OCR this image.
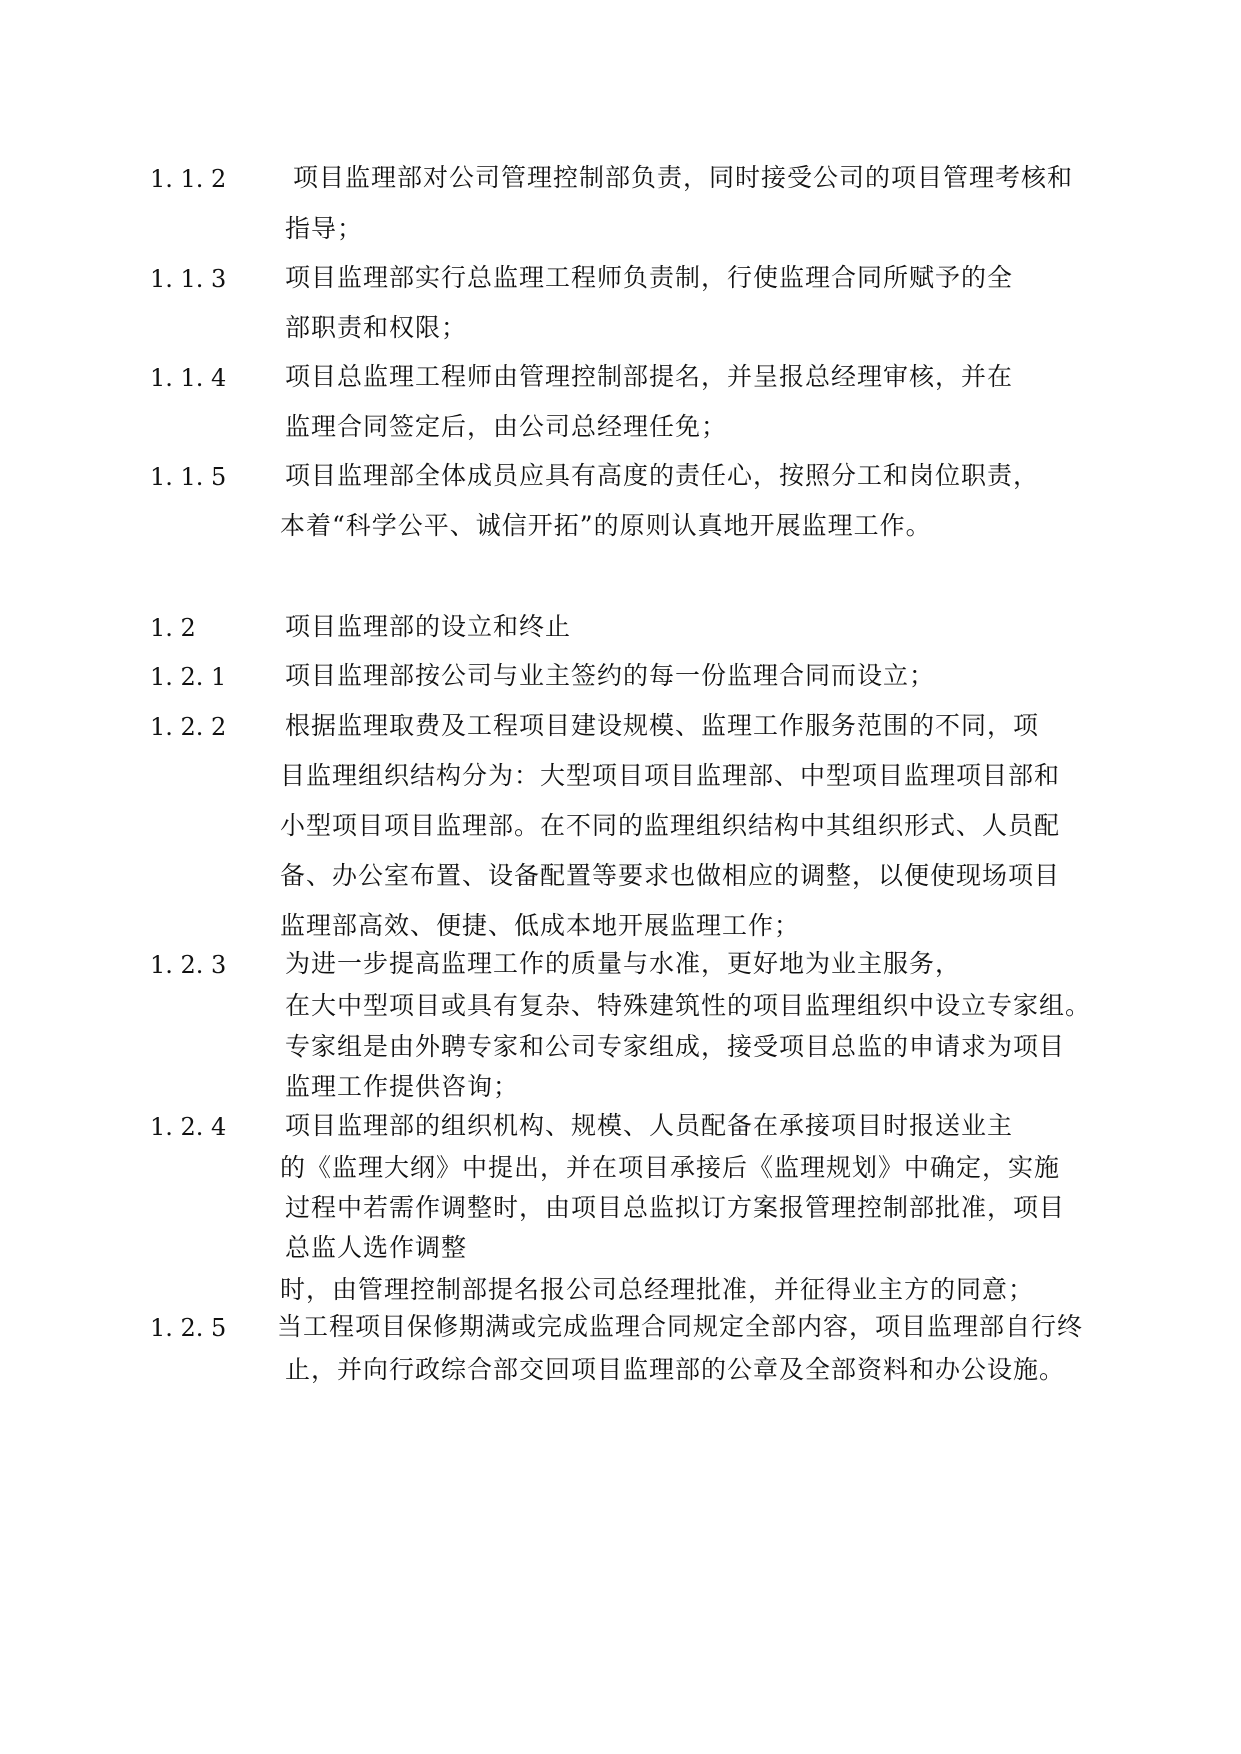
1. 1. 2	项目监理部对公司管理控制部负责，同时接受公司的项目管理考核和
指导；
1. 1. 3 项目监理部实行总监理工程师负责制，行使监理合同所赋予的全
部职责和权限；
1. 1. 4 项目总监理工程师由管理控制部提名，并呈报总经理审核，并在
监理合同签定后，由公司总经理任免；
1. 1. 5 项目监理部全体成员应具有高度的责任心，按照分工和岗位职责，
本着“科学公平、诚信开拓”的原则认真地开展监理工作。
1. 2	项目监理部的设立和终止
1. 2. 1 项目监理部按公司与业主签约的每一份监理合同而设立；
1. 2. 2 根据监理取费及工程项目建设规模、监理工作服务范围的不同，项
目监理组织结构分为：大型项目项目监理部、中型项目监理项目部和
小型项目项目监理部。在不同的监理组织结构中其组织形式、人员配
备、办公室布置、设备配置等要求也做相应的调整，以便使现场项目
监理部高效、便捷、低成本地开展监理工作；
1. 2. 3 为进一步提高监理工作的质量与水准，更好地为业主服务，
在大中型项目或具有复杂、特殊建筑性的项目监理组织中设立专家组。
专家组是由外聘专家和公司专家组成，接受项目总监的申请求为项目
监理工作提供咨询；
1. 2. 4 项目监理部的组织机构、规模、人员配备在承接项目时报送业主
的《监理大纲》中提出，并在项目承接后《监理规划》中确定，实施
过程中若需作调整时，由项目总监拟订方案报管理控制部批准，项目
总监人选作调整
时，由管理控制部提名报公司总经理批准，并征得业主方的同意；
1. 2. 5 当工程项目保修期满或完成监理合同规定全部内容，项目监理部自行终
止，并向行政综合部交回项目监理部的公章及全部资料和办公设施。
